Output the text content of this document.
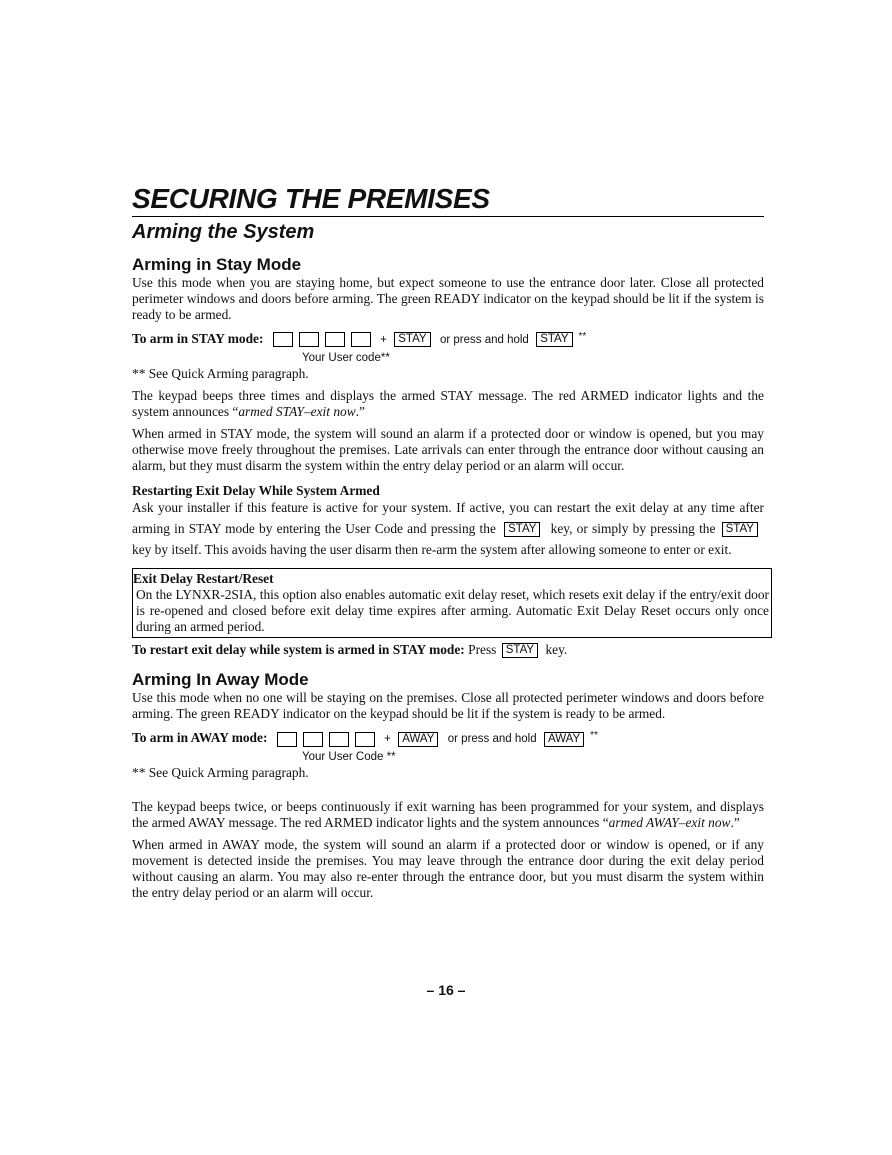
SECURING THE PREMISES
Arming the System
Arming in Stay Mode

Use this mode when you are staying home, but expect someone to use the entrance door later. Close all protected perimeter windows and doors before arming. The green READY indicator on the keypad should be lit if the system is ready to be armed.

To arm in STAY mode:	+ STAY or press and hold STAY **

Your User code**

** See Quick Arming paragraph.

The keypad beeps three times and displays the armed STAY message. The red ARMED indicator lights and the system announces “armed STAY–exit now.”

When armed in STAY mode, the system will sound an alarm if a protected door or window is opened, but you may otherwise move freely throughout the premises. Late arrivals can enter through the entrance door without causing an alarm, but they must disarm the system within the entry delay period or an alarm will occur.

Restarting Exit Delay While System Armed

Ask your installer if this feature is active for your system. If active, you can restart the exit delay at any time after arming in STAY mode by entering the User Code and pressing the STAY key, or simply by pressing the STAY key by itself. This avoids having the user disarm then re-arm the system after allowing someone to enter or exit.

Exit Delay Restart/Reset

On the LYNXR-2SIA, this option also enables automatic exit delay reset, which resets exit delay if the entry/exit door is re-opened and closed before exit delay time expires after arming. Automatic Exit Delay Reset occurs only once during an armed period.

To restart exit delay while system is armed in STAY mode: Press STAY key.

Arming In Away Mode

Use this mode when no one will be staying on the premises. Close all protected perimeter windows and doors before arming. The green READY indicator on the keypad should be lit if the system is ready to be armed.

To arm in AWAY mode:	+ AWAY or press and hold AWAY **

Your User Code **

** See Quick Arming paragraph.

The keypad beeps twice, or beeps continuously if exit warning has been programmed for your system, and displays the armed AWAY message. The red ARMED indicator lights and the system announces “armed AWAY–exit now.”

When armed in AWAY mode, the system will sound an alarm if a protected door or window is opened, or if any movement is detected inside the premises. You may leave through the entrance door during the exit delay period without causing an alarm. You may also re-enter through the entrance door, but you must disarm the system within the entry delay period or an alarm will occur.

– 16 –
